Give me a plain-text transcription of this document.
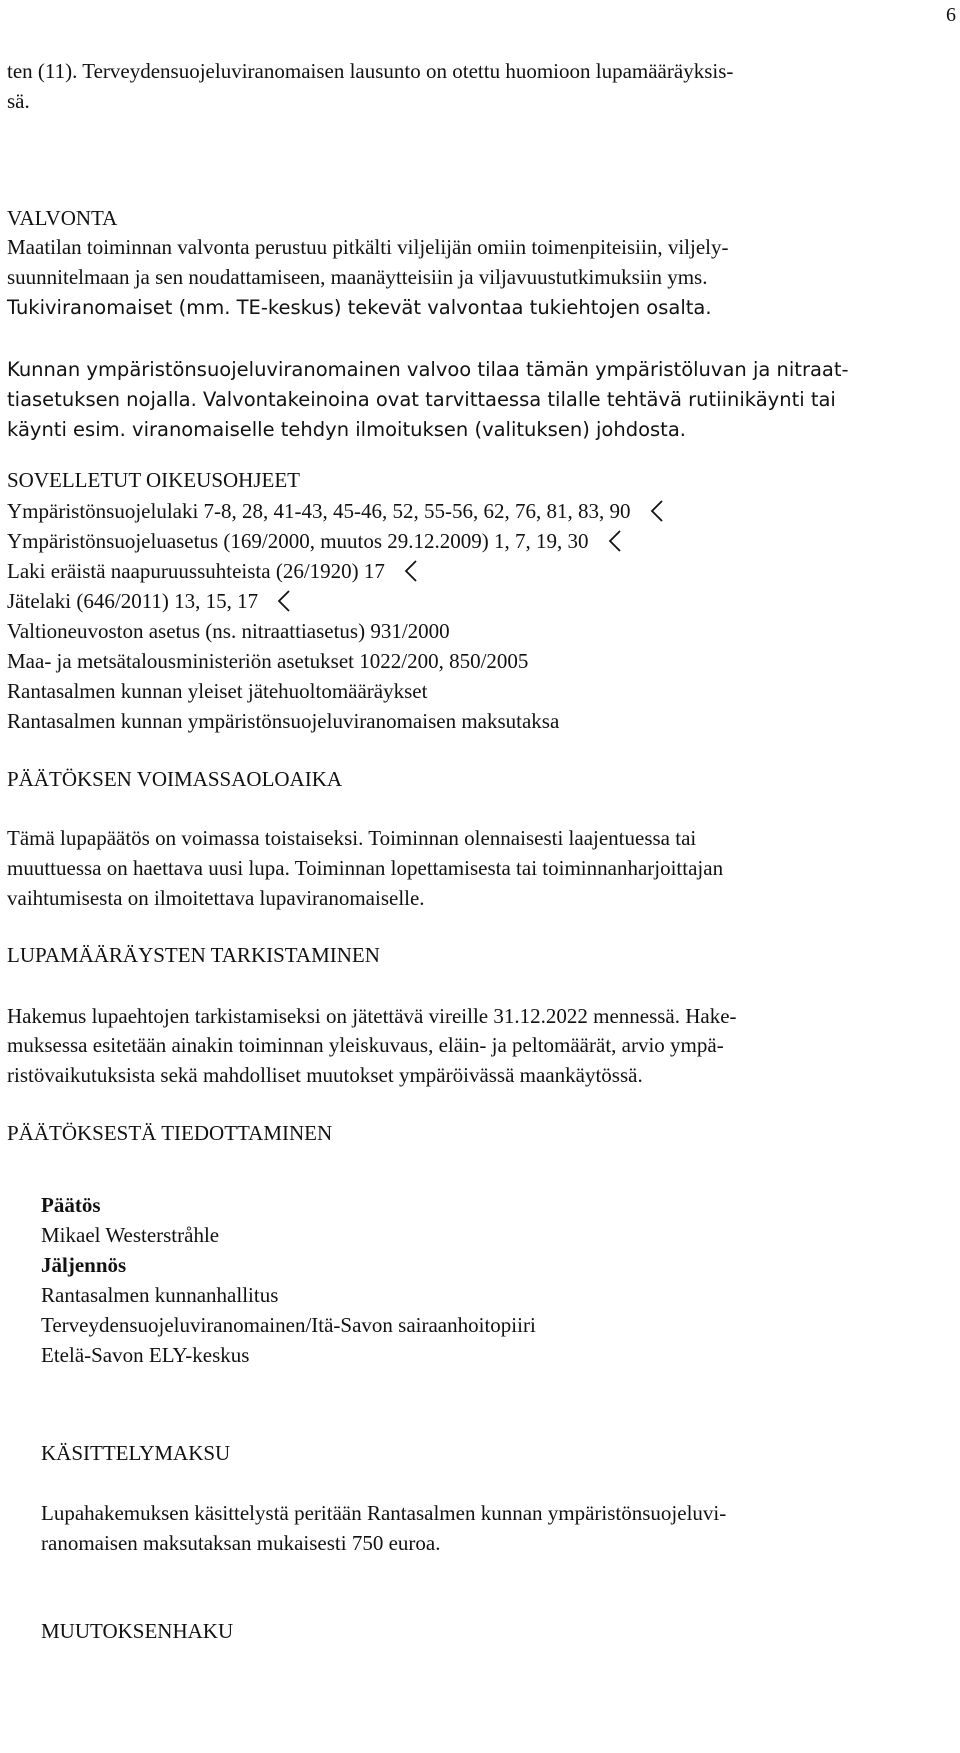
6
ten (11). Terveydensuojeluviranomaisen lausunto on otettu huomioon lupamääräyksis-
sä.
VALVONTA
Maatilan toiminnan valvonta perustuu pitkälti viljelijän omiin toimenpiteisiin, viljely-
suunnitelmaan ja sen noudattamiseen, maanäytteisiin ja viljavuustutkimuksiin yms.
Tukiviranomaiset (mm. TE-keskus) tekevät valvontaa tukiehtojen osalta.
Kunnan ympäristönsuojeluviranomainen valvoo tilaa tämän ympäristöluvan ja nitraat-
tiasetuksen nojalla. Valvontakeinoina ovat tarvittaessa tilalle tehtävä rutiinikäynti tai
käynti esim. viranomaiselle tehdyn ilmoituksen (valituksen) johdosta.
SOVELLETUT OIKEUSOHJEET
Ympäristönsuojelulaki 7-8, 28, 41-43, 45-46, 52, 55-56, 62, 76, 81, 83, 90
Ympäristönsuojeluasetus (169/2000, muutos 29.12.2009) 1, 7, 19, 30
Laki eräistä naapuruussuhteista (26/1920) 17
Jätelaki (646/2011) 13, 15, 17
Valtioneuvoston asetus (ns. nitraattiasetus) 931/2000
Maa- ja metsätalousministeriön asetukset 1022/200, 850/2005
Rantasalmen kunnan yleiset jätehuoltomääräykset
Rantasalmen kunnan ympäristönsuojeluviranomaisen maksutaksa
PÄÄTÖKSEN VOIMASSAOLOAIKA
Tämä lupapäätös on voimassa toistaiseksi. Toiminnan olennaisesti laajentuessa tai
muuttuessa on haettava uusi lupa. Toiminnan lopettamisesta tai toiminnanharjoittajan
vaihtumisesta on ilmoitettava lupaviranomaiselle.
LUPAMÄÄRÄYSTEN TARKISTAMINEN
Hakemus lupaehtojen tarkistamiseksi on jätettävä vireille 31.12.2022 mennessä. Hake-
muksessa esitetään ainakin toiminnan yleiskuvaus, eläin- ja peltomäärät, arvio ympä-
ristövaikutuksista sekä mahdolliset muutokset ympäröivässä maankäytössä.
PÄÄTÖKSESTÄ TIEDOTTAMINEN
Päätös
Mikael Westerstråhle
Jäljennös
Rantasalmen kunnanhallitus
Terveydensuojeluviranomainen/Itä-Savon sairaanhoitopiiri
Etelä-Savon ELY-keskus
KÄSITTELYMAKSU
Lupahakemuksen käsittelystä peritään Rantasalmen kunnan ympäristönsuojeluvi-
ranomaisen maksutaksan mukaisesti 750 euroa.
MUUTOKSENHAKU
